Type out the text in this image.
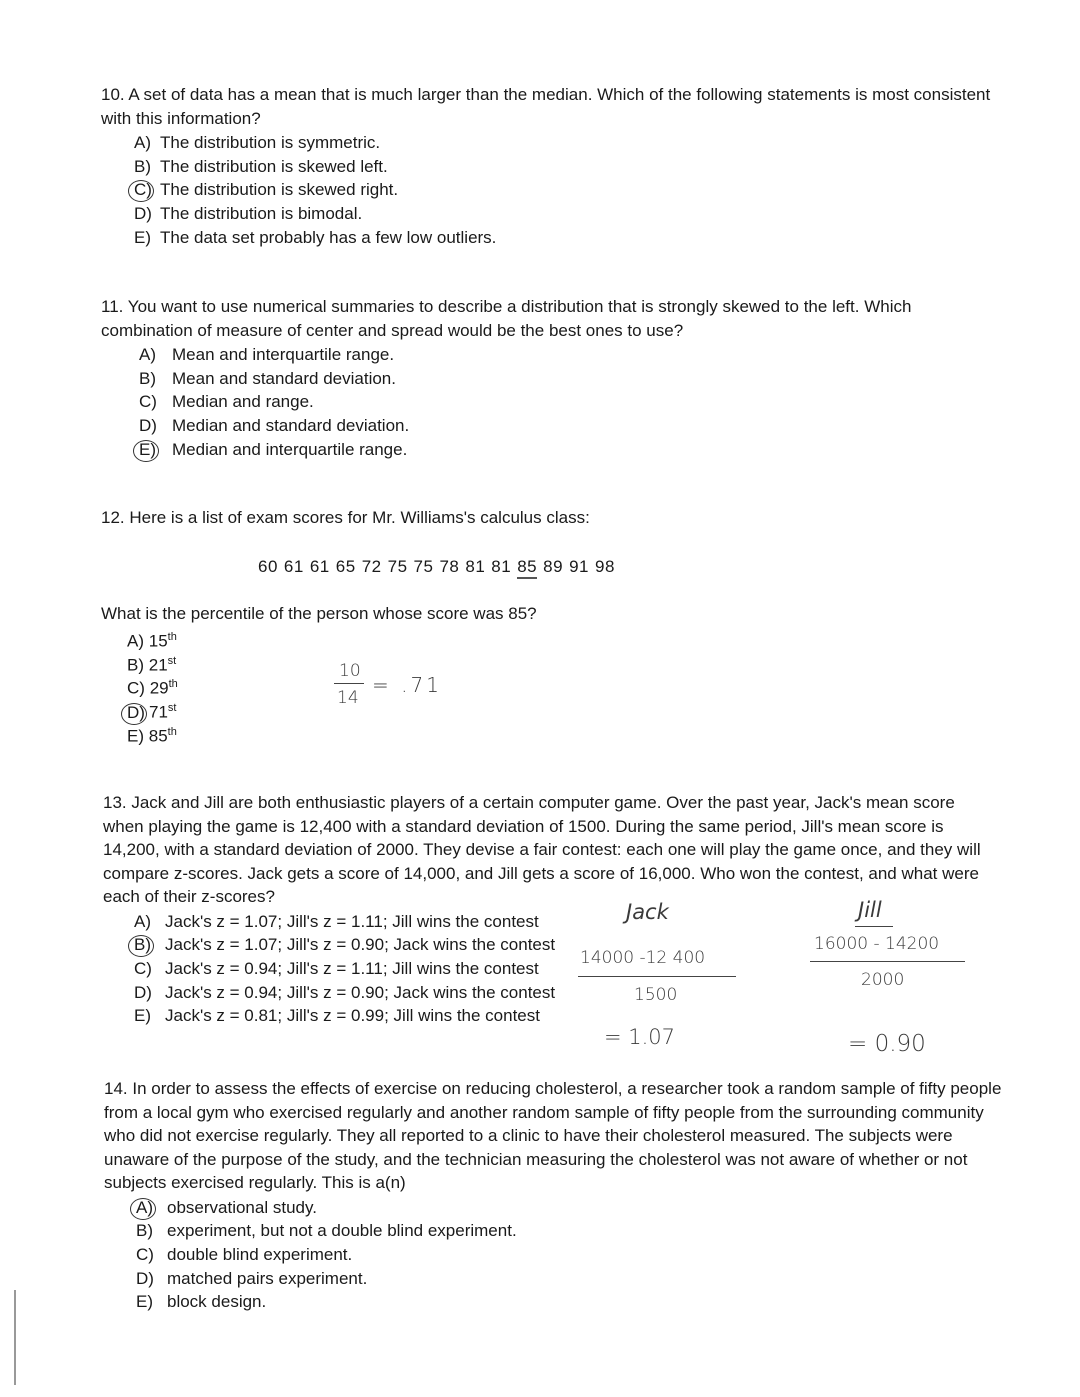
10. A set of data has a mean that is much larger than the median. Which of the following statements is most consistent with this information?
A) The distribution is symmetric.
B) The distribution is skewed left.
C) The distribution is skewed right.
D) The distribution is bimodal.
E) The data set probably has a few low outliers.
11. You want to use numerical summaries to describe a distribution that is strongly skewed to the left. Which combination of measure of center and spread would be the best ones to use?
A) Mean and interquartile range.
B) Mean and standard deviation.
C) Median and range.
D) Median and standard deviation.
E) Median and interquartile range.
12. Here is a list of exam scores for Mr. Williams's calculus class:
60 61 61 65 72 75 75 78 81 81 85 89 91 98
What is the percentile of the person whose score was 85?
A) 15th
B) 21st
C) 29th
D) 71st
E) 85th
10
14
= .71
13. Jack and Jill are both enthusiastic players of a certain computer game. Over the past year, Jack's mean score when playing the game is 12,400 with a standard deviation of 1500. During the same period, Jill's mean score is 14,200, with a standard deviation of 2000. They devise a fair contest: each one will play the game once, and they will compare z-scores. Jack gets a score of 14,000, and Jill gets a score of 16,000. Who won the contest, and what were each of their z-scores?
A) Jack's z = 1.07; Jill's z = 1.11; Jill wins the contest
B) Jack's z = 1.07; Jill's z = 0.90; Jack wins the contest
C) Jack's z = 0.94; Jill's z = 1.11; Jill wins the contest
D) Jack's z = 0.94; Jill's z = 0.90; Jack wins the contest
E) Jack's z = 0.81; Jill's z = 0.99; Jill wins the contest
Jack
14000 -12 400
1500
= 1.07
Jill
16000 - 14200
2000
= 0.90
14. In order to assess the effects of exercise on reducing cholesterol, a researcher took a random sample of fifty people from a local gym who exercised regularly and another random sample of fifty people from the surrounding community who did not exercise regularly. They all reported to a clinic to have their cholesterol measured. The subjects were unaware of the purpose of the study, and the technician measuring the cholesterol was not aware of whether or not subjects exercised regularly. This is a(n)
A) observational study.
B) experiment, but not a double blind experiment.
C) double blind experiment.
D) matched pairs experiment.
E) block design.
